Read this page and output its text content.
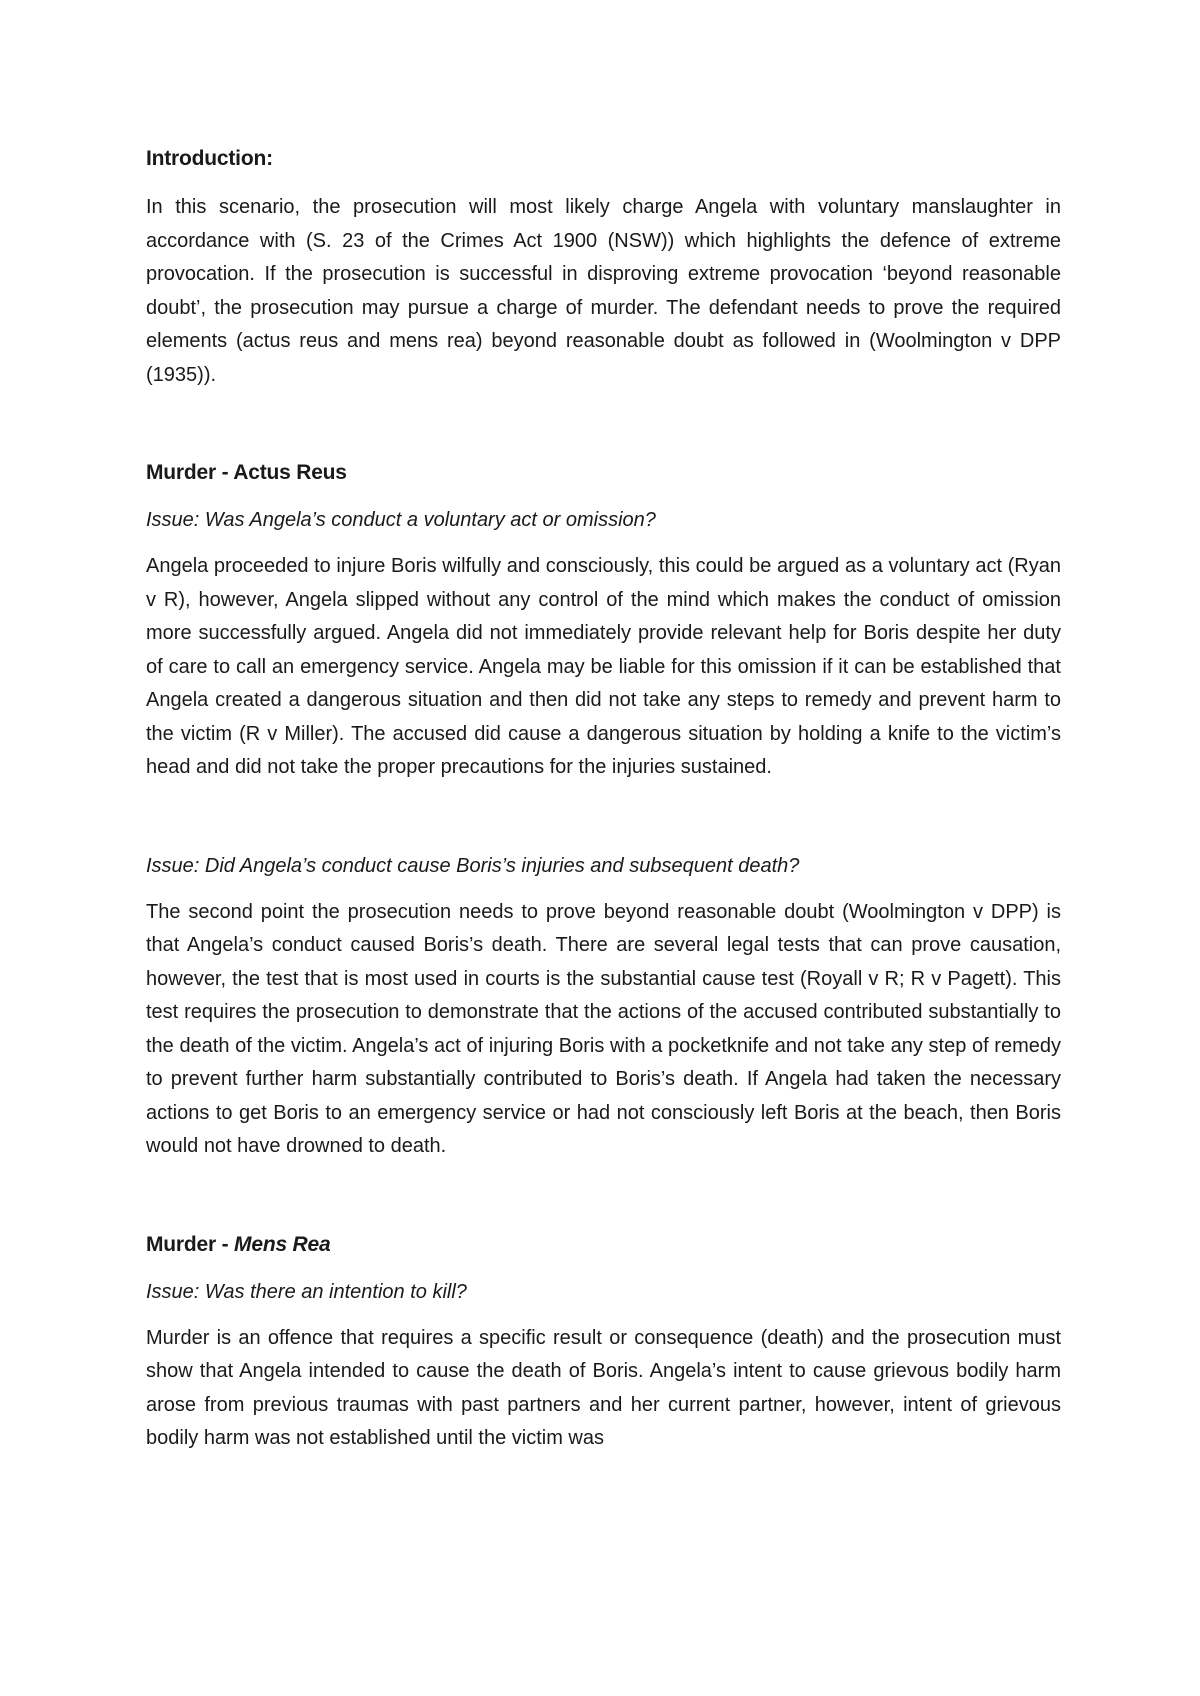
Introduction:

In this scenario, the prosecution will most likely charge Angela with voluntary manslaughter in accordance with (S. 23 of the Crimes Act 1900 (NSW)) which highlights the defence of extreme provocation. If the prosecution is successful in disproving extreme provocation ‘beyond reasonable doubt’, the prosecution may pursue a charge of murder. The defendant needs to prove the required elements (actus reus and mens rea) beyond reasonable doubt as followed in (Woolmington v DPP (1935)).

Murder - Actus Reus

Issue: Was Angela’s conduct a voluntary act or omission?

Angela proceeded to injure Boris wilfully and consciously, this could be argued as a voluntary act (Ryan v R), however, Angela slipped without any control of the mind which makes the conduct of omission more successfully argued. Angela did not immediately provide relevant help for Boris despite her duty of care to call an emergency service. Angela may be liable for this omission if it can be established that Angela created a dangerous situation and then did not take any steps to remedy and prevent harm to the victim (R v Miller). The accused did cause a dangerous situation by holding a knife to the victim’s head and did not take the proper precautions for the injuries sustained.

Issue: Did Angela’s conduct cause Boris’s injuries and subsequent death?

The second point the prosecution needs to prove beyond reasonable doubt (Woolmington v DPP) is that Angela’s conduct caused Boris’s death. There are several legal tests that can prove causation, however, the test that is most used in courts is the substantial cause test (Royall v R; R v Pagett). This test requires the prosecution to demonstrate that the actions of the accused contributed substantially to the death of the victim. Angela’s act of injuring Boris with a pocketknife and not take any step of remedy to prevent further harm substantially contributed to Boris’s death. If Angela had taken the necessary actions to get Boris to an emergency service or had not consciously left Boris at the beach, then Boris would not have drowned to death.

Murder - Mens Rea

Issue: Was there an intention to kill?

Murder is an offence that requires a specific result or consequence (death) and the prosecution must show that Angela intended to cause the death of Boris. Angela’s intent to cause grievous bodily harm arose from previous traumas with past partners and her current partner, however, intent of grievous bodily harm was not established until the victim was
